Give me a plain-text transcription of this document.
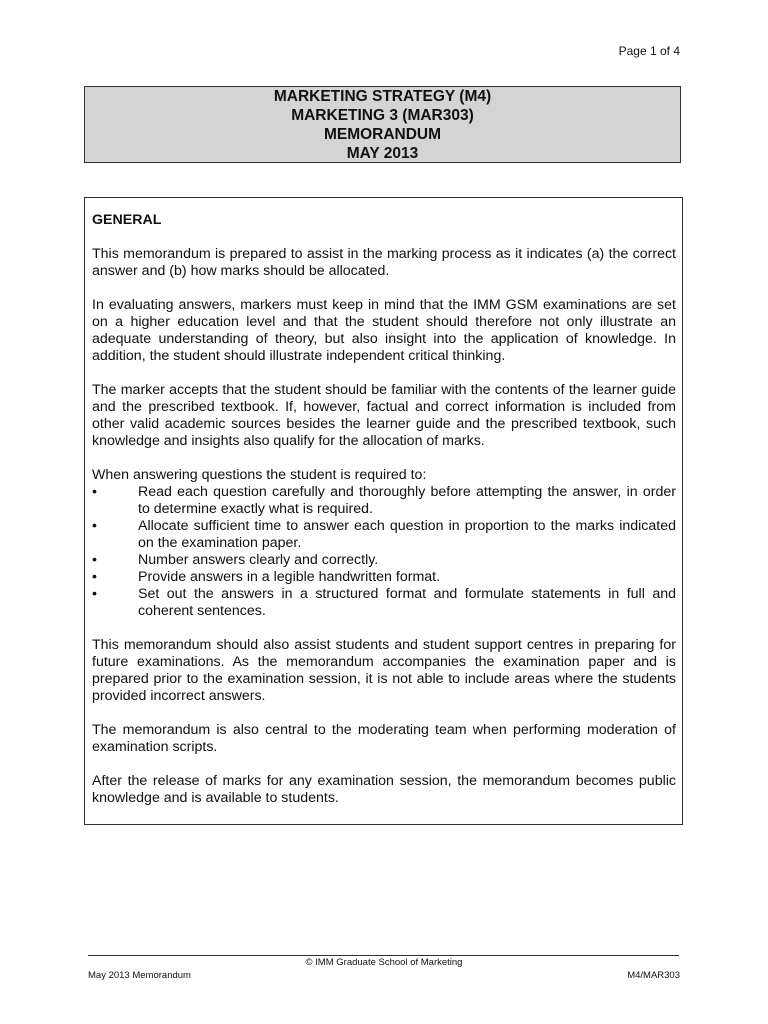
Page 1 of 4
MARKETING STRATEGY (M4)
MARKETING 3 (MAR303)
MEMORANDUM
MAY 2013
GENERAL

This memorandum is prepared to assist in the marking process as it indicates (a) the correct answer and (b) how marks should be allocated.

In evaluating answers, markers must keep in mind that the IMM GSM examinations are set on a higher education level and that the student should therefore not only illustrate an adequate understanding of theory, but also insight into the application of knowledge. In addition, the student should illustrate independent critical thinking.

The marker accepts that the student should be familiar with the contents of the learner guide and the prescribed textbook. If, however, factual and correct information is included from other valid academic sources besides the learner guide and the prescribed textbook, such knowledge and insights also qualify for the allocation of marks.

When answering questions the student is required to:

•	Read each question carefully and thoroughly before attempting the answer, in order to determine exactly what is required.
•	Allocate sufficient time to answer each question in proportion to the marks indicated on the examination paper.
•	Number answers clearly and correctly.
•	Provide answers in a legible handwritten format.
•	Set out the answers in a structured format and formulate statements in full and coherent sentences.

This memorandum should also assist students and student support centres in preparing for future examinations. As the memorandum accompanies the examination paper and is prepared prior to the examination session, it is not able to include areas where the students provided incorrect answers.

The memorandum is also central to the moderating team when performing moderation of examination scripts.

After the release of marks for any examination session, the memorandum becomes public knowledge and is available to students.

© IMM Graduate School of Marketing
May 2013 Memorandum	M4/MAR303
